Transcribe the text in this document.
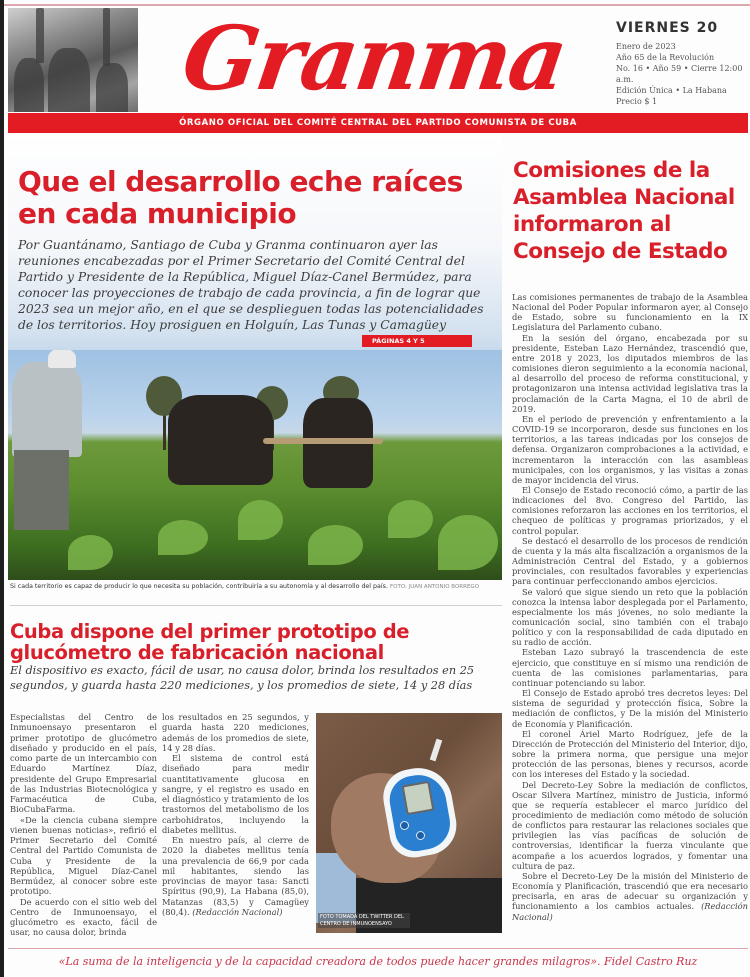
Granma	VIERNES 20
Enero de 2023
Año 65 de la Revolución
No. 16 • Año 59 • Cierre 12:00 a.m.
Edición Única • La Habana
Precio $ 1
ÓRGANO OFICIAL DEL COMITÉ CENTRAL DEL PARTIDO COMUNISTA DE CUBA
Que el desarrollo eche raíces en cada municipio

Por Guantánamo, Santiago de Cuba y Granma continuaron ayer las reuniones encabezadas por el Primer Secretario del Comité Central del Partido y Presidente de la República, Miguel Díaz-Canel Bermúdez, para conocer las proyecciones de trabajo de cada provincia, a fin de lograr que 2023 sea un mejor año, en el que se desplieguen todas las potencialidades de los territorios. Hoy prosiguen en Holguín, Las Tunas y Camagüey

PÁGINAS 4 Y 5
Si cada territorio es capaz de producir lo que necesita su población, contribuiría a su autonomía y al desarrollo del país. FOTO: JUAN ANTONIO BORREGO
Cuba dispone del primer prototipo de glucómetro de fabricación nacional

El dispositivo es exacto, fácil de usar, no causa dolor, brinda los resultados en 25 segundos, y guarda hasta 220 mediciones, y los promedios de siete, 14 y 28 días

Especialistas del Centro de Inmunoensayo presentaron el primer prototipo de glucómetro diseñado y producido en el país, como parte de un intercambio con Eduardo Martínez Díaz, presidente del Grupo Empresarial de las Industrias Biotecnológica y Farmacéutica de Cuba, BioCubaFarma.

«De la ciencia cubana siempre vienen buenas noticias», refirió el Primer Secretario del Comité Central del Partido Comunista de Cuba y Presidente de la República, Miguel Díaz-Canel Bermúdez, al conocer sobre este prototipo.

De acuerdo con el sitio web del Centro de Inmunoensayo, el glucómetro es exacto, fácil de usar, no causa dolor, brinda

los resultados en 25 segundos, y guarda hasta 220 mediciones, además de los promedios de siete, 14 y 28 días.

El sistema de control está diseñado para medir cuantitativamente glucosa en sangre, y el registro es usado en el diagnóstico y tratamiento de los trastornos del metabolismo de los carbohidratos, incluyendo la diabetes mellitus.

En nuestro país, al cierre de 2020 la diabetes mellitus tenía una prevalencia de 66,9 por cada mil habitantes, siendo las provincias de mayor tasa: Sancti Spíritus (90,9), La Habana (85,0), Matanzas (83,5) y Camagüey (80,4). (Redacción Nacional)

FOTO TOMADA DEL TWITTER DEL CENTRO DE INMUNOENSAYO
Comisiones de la Asamblea Nacional informaron al Consejo de Estado

Las comisiones permanentes de trabajo de la Asamblea Nacional del Poder Popular informaron ayer, al Consejo de Estado, sobre su funcionamiento en la IX Legislatura del Parlamento cubano.

En la sesión del órgano, encabezada por su presidente, Esteban Lazo Hernández, trascendió que, entre 2018 y 2023, los diputados miembros de las comisiones dieron seguimiento a la economía nacional, al desarrollo del proceso de reforma constitucional, y protagonizaron una intensa actividad legislativa tras la proclamación de la Carta Magna, el 10 de abril de 2019.

En el periodo de prevención y enfrentamiento a la COVID-19 se incorporaron, desde sus funciones en los territorios, a las tareas indicadas por los consejos de defensa. Organizaron comprobaciones a la actividad, e incrementaron la interacción con las asambleas municipales, con los organismos, y las visitas a zonas de mayor incidencia del virus.

El Consejo de Estado reconoció cómo, a partir de las indicaciones del 8vo. Congreso del Partido, las comisiones reforzaron las acciones en los territorios, el chequeo de políticas y programas priorizados, y el control popular.

Se destacó el desarrollo de los procesos de rendición de cuenta y la más alta fiscalización a organismos de la Administración Central del Estado, y a gobiernos provinciales, con resultados favorables y experiencias para continuar perfeccionando ambos ejercicios.

Se valoró que sigue siendo un reto que la población conozca la intensa labor desplegada por el Parlamento, especialmente los más jóvenes, no solo mediante la comunicación social, sino también con el trabajo político y con la responsabilidad de cada diputado en su radio de acción.

Esteban Lazo subrayó la trascendencia de este ejercicio, que constituye en sí mismo una rendición de cuenta de las comisiones parlamentarias, para continuar potenciando su labor.

El Consejo de Estado aprobó tres decretos leyes: Del sistema de seguridad y protección física, Sobre la mediación de conflictos, y De la misión del Ministerio de Economía y Planificación.

El coronel Áriel Marto Rodríguez, jefe de la Dirección de Protección del Ministerio del Interior, dijo, sobre la primera norma, que persigue una mejor protección de las personas, bienes y recursos, acorde con los intereses del Estado y la sociedad.

Del Decreto-Ley Sobre la mediación de conflictos, Oscar Silvera Martínez, ministro de Justicia, informó que se requería establecer el marco jurídico del procedimiento de mediación como método de solución de conflictos para restaurar las relaciones sociales que privilegien las vías pacíficas de solución de controversias, identificar la fuerza vinculante que acompañe a los acuerdos logrados, y fomentar una cultura de paz.

Sobre el Decreto-Ley De la misión del Ministerio de Economía y Planificación, trascendió que era necesario precisarla, en aras de adecuar su organización y funcionamiento a los cambios actuales. (Redacción Nacional)

«La suma de la inteligencia y de la capacidad creadora de todos puede hacer grandes milagros». Fidel Castro Ruz
